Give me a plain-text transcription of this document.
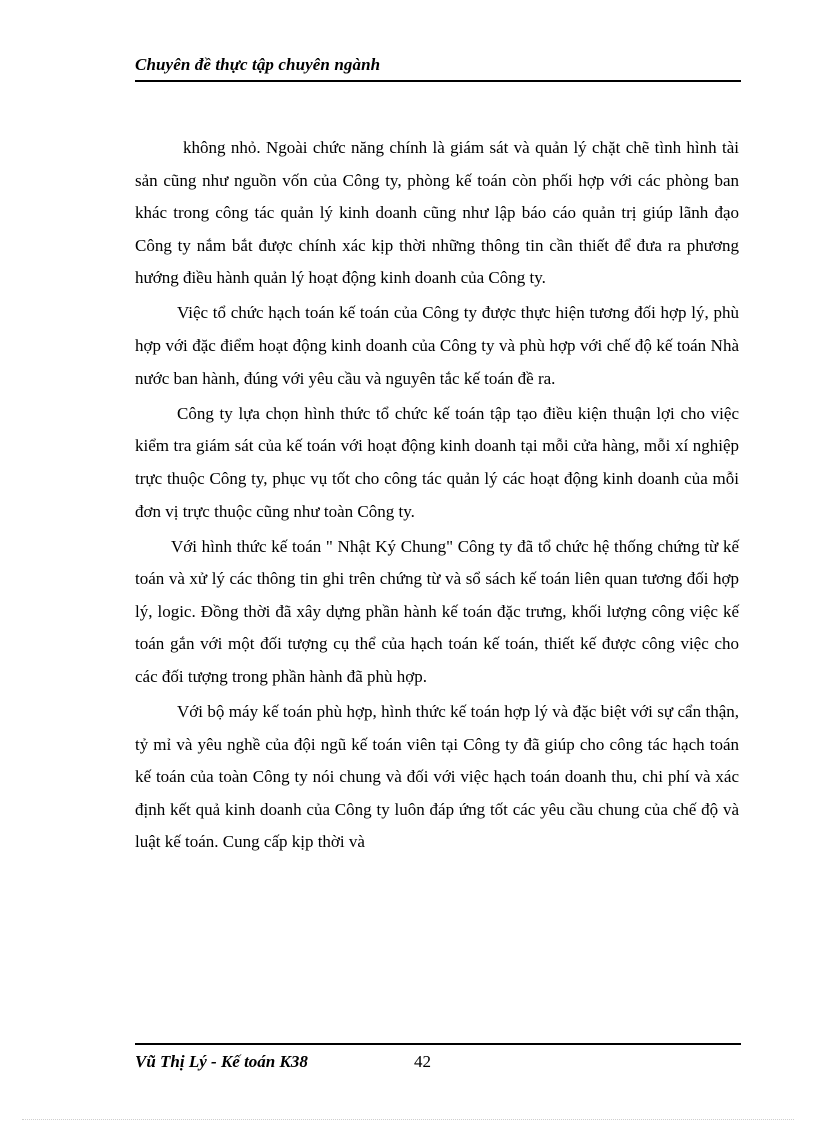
Chuyên đề thực tập chuyên ngành

không nhỏ. Ngoài chức năng chính là giám sát và quản lý chặt chẽ tình hình tài sản cũng như nguồn vốn của Công ty, phòng kế toán còn phối hợp với các phòng ban khác trong công tác quản lý kinh doanh cũng như lập báo cáo quản trị giúp lãnh đạo Công ty nắm bắt được chính xác kịp thời những thông tin cần thiết để đưa ra phương hướng điều hành quản lý hoạt động kinh doanh của Công ty.

Việc tổ chức hạch toán kế toán của Công ty được thực hiện tương đối hợp lý, phù hợp với đặc điểm hoạt động kinh doanh của Công ty và phù hợp với chế độ kế toán Nhà nước ban hành, đúng với yêu cầu và nguyên tắc kế toán đề ra.

Công ty lựa chọn hình thức tổ chức kế toán tập tạo điều kiện thuận lợi cho việc kiểm tra giám sát của kế toán với hoạt động kinh doanh tại mỗi cửa hàng, mỗi xí nghiệp trực thuộc Công ty, phục vụ tốt cho công tác quản lý các hoạt động kinh doanh của mỗi đơn vị trực thuộc cũng như toàn Công ty.

Với hình thức kế toán " Nhật Ký Chung" Công ty đã tổ chức hệ thống chứng từ kế toán và xử lý các thông tin ghi trên chứng từ và sổ sách kế toán liên quan tương đối hợp lý, logic. Đồng thời đã xây dựng phần hành kế toán đặc trưng, khối lượng công việc kế toán gắn với một đối tượng cụ thể của hạch toán kế toán, thiết kế được công việc cho các đối tượng trong phần hành đã phù hợp.

Với bộ máy kế toán phù hợp, hình thức kế toán hợp lý và đặc biệt với sự cẩn thận, tỷ mỉ và yêu nghề của đội ngũ kế toán viên tại Công ty đã giúp cho công tác hạch toán kế toán của toàn Công ty nói chung và đối với việc hạch toán doanh thu, chi phí và xác định kết quả kinh doanh của Công ty luôn đáp ứng tốt các yêu cầu chung của chế độ và luật kế toán. Cung cấp kịp thời và

Vũ Thị Lý - Kế toán K38	42
